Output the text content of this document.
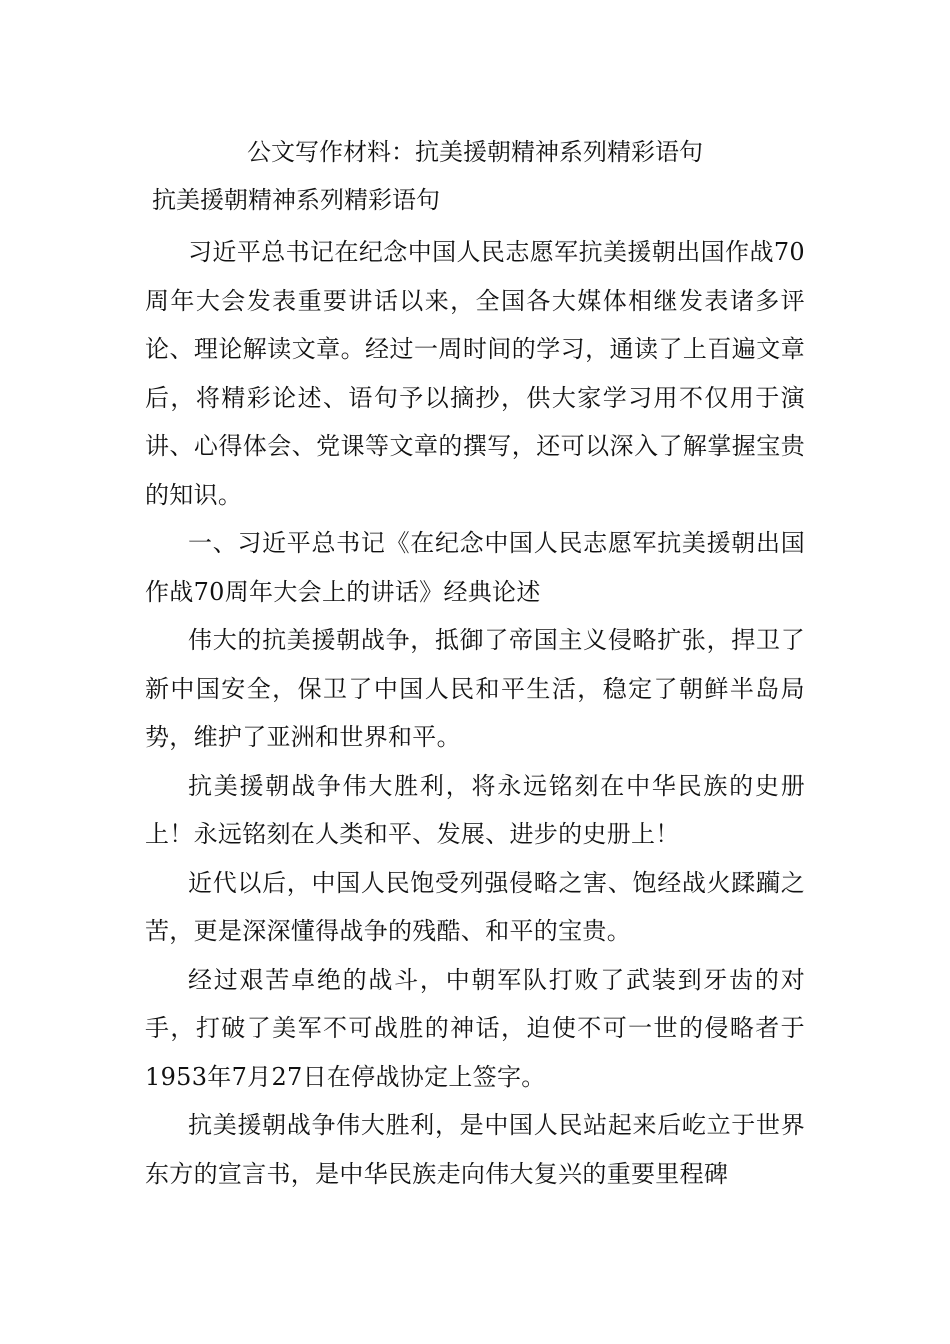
公文写作材料：抗美援朝精神系列精彩语句
抗美援朝精神系列精彩语句

习近平总书记在纪念中国人民志愿军抗美援朝出国作战70周年大会发表重要讲话以来，全国各大媒体相继发表诸多评论、理论解读文章。经过一周时间的学习，通读了上百遍文章后，将精彩论述、语句予以摘抄，供大家学习用不仅用于演讲、心得体会、党课等文章的撰写，还可以深入了解掌握宝贵的知识。

一、习近平总书记《在纪念中国人民志愿军抗美援朝出国作战70周年大会上的讲话》经典论述

伟大的抗美援朝战争，抵御了帝国主义侵略扩张，捍卫了新中国安全，保卫了中国人民和平生活，稳定了朝鲜半岛局势，维护了亚洲和世界和平。

抗美援朝战争伟大胜利，将永远铭刻在中华民族的史册上！永远铭刻在人类和平、发展、进步的史册上！

近代以后，中国人民饱受列强侵略之害、饱经战火蹂躏之苦，更是深深懂得战争的残酷、和平的宝贵。

经过艰苦卓绝的战斗，中朝军队打败了武装到牙齿的对手，打破了美军不可战胜的神话，迫使不可一世的侵略者于1953年7月27日在停战协定上签字。

抗美援朝战争伟大胜利，是中国人民站起来后屹立于世界东方的宣言书，是中华民族走向伟大复兴的重要里程碑
